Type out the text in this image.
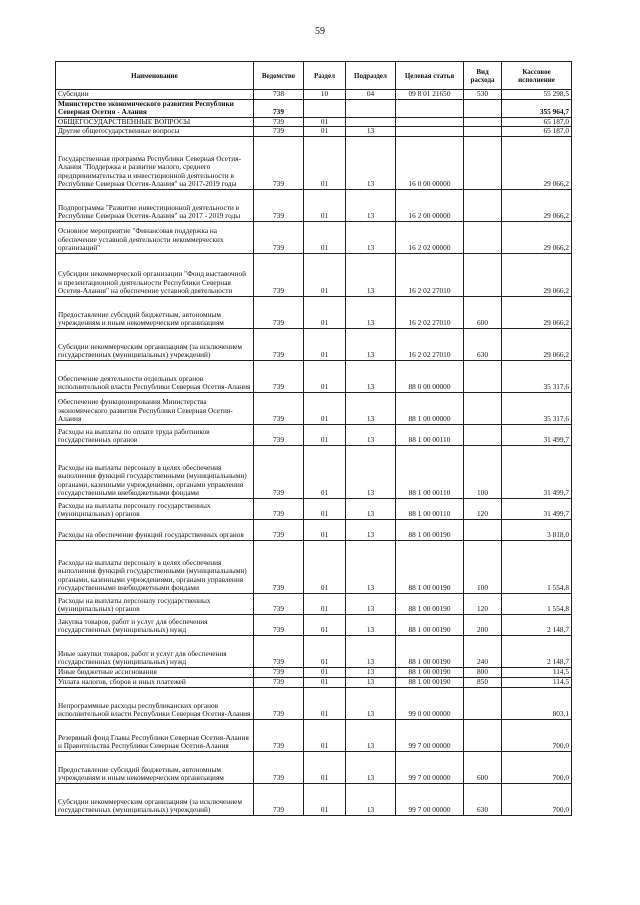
59
Наименование	Ведомство	Раздел	Подраздел	Целевая статья	Вид расхода	Кассовое исполнение
Субсидии	738	10	04	09 8 01 21650	530	55 298,5
Министерство экономического развития Республики Северная Осетия - Алания	739					355 964,7
ОБЩЕГОСУДАРСТВЕННЫЕ ВОПРОСЫ	739	01				65 187,0
Другие общегосударственные вопросы	739	01	13			65 187,0
Государственная программа Республики Северная Осетия-Алания "Поддержка и развитие малого, среднего предпринимательства и инвестиционной деятельности в Республике Северная Осетия-Алания" на 2017-2019 годы	739	01	13	16 0 00 00000		29 066,2
Подпрограмма "Развитие инвестиционной деятельности в Республике Северная Осетия-Алания" на 2017 - 2019 годы	739	01	13	16 2 00 00000		29 066,2
Основное мероприятие "Финансовая поддержка на обеспечение уставной деятельности некоммерческих организаций"	739	01	13	16 2 02 00000		29 066,2
Субсидии некоммерческой организации "Фонд выставочной и презентационной деятельности Республики Северная Осетия-Алания" на обеспечение уставной деятельности	739	01	13	16 2 02 27010		29 066,2
Предоставление субсидий бюджетным, автономным учреждениям и иным некоммерческим организациям	739	01	13	16 2 02 27010	600	29 066,2
Субсидии некоммерческим организациям (за исключением государственных (муниципальных) учреждений)	739	01	13	16 2 02 27010	630	29 066,2
Обеспечение деятельности отдельных органов исполнительной власти Республики Северная Осетия-Алания	739	01	13	88 0 00 00000		35 317,6
Обеспечение функционирования Министерства экономического развития Республики Северная Осетия-Алания	739	01	13	88 1 00 00000		35 317,6
Расходы на выплаты по оплате труда работников государственных органов	739	01	13	88 1 00 00110		31 499,7
Расходы на выплаты персоналу в целях обеспечения выполнения функций государственными (муниципальными) органами, казенными учреждениями, органами управления государственными внебюджетными фондами	739	01	13	88 1 00 00110	100	31 499,7
Расходы на выплаты персоналу государственных (муниципальных) органов	739	01	13	88 1 00 00110	120	31 499,7
Расходы на обеспечение функций государственных органов	739	01	13	88 1 00 00190		3 818,0
Расходы на выплаты персоналу в целях обеспечения выполнения функций государственными (муниципальными) органами, казенными учреждениями, органами управления государственными внебюджетными фондами	739	01	13	88 1 00 00190	100	1 554,8
Расходы на выплаты персоналу государственных (муниципальных) органов	739	01	13	88 1 00 00190	120	1 554,8
Закупка товаров, работ и услуг для обеспечения государственных (муниципальных) нужд	739	01	13	88 1 00 00190	200	2 148,7
Иные закупки товаров, работ и услуг для обеспечения государственных (муниципальных) нужд	739	01	13	88 1 00 00190	240	2 148,7
Иные бюджетные ассигнования	739	01	13	88 1 00 00190	800	114,5
Уплата налогов, сборов и иных платежей	739	01	13	88 1 00 00190	850	114,5
Непрограммные расходы республиканских органов исполнительной власти Республики Северная Осетия-Алания	739	01	13	99 0 00 00000		803,1
Резервный фонд Главы Республики Северная Осетия-Алания и Правительства Республики Северная Осетия-Алания	739	01	13	99 7 00 00000		700,0
Предоставление субсидий бюджетным, автономным учреждениям и иным некоммерческим организациям	739	01	13	99 7 00 00000	600	700,0
Субсидии некоммерческим организациям (за исключением государственных (муниципальных) учреждений)	739	01	13	99 7 00 00000	630	700,0
